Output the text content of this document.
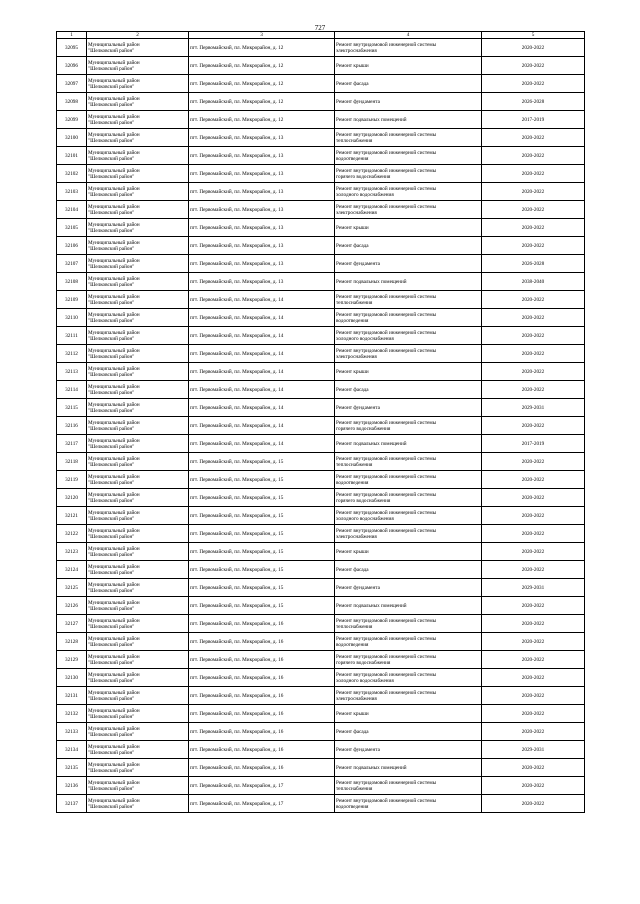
727
1	2	3	4	5

32095	Муниципальный район
"Шелковский район"	пгт. Первомайский, пл. Микрорайон, д. 12	Ремонт внутридомовой инженерной системы
электроснабжения	2020-2022

32096	Муниципальный район
"Шелковский район"	пгт. Первомайский, пл. Микрорайон, д. 12	Ремонт крыши	2020-2022

32097	Муниципальный район
"Шелковский район"	пгт. Первомайский, пл. Микрорайон, д. 12	Ремонт фасада	2020-2022

32098	Муниципальный район
"Шелковский район"	пгт. Первомайский, пл. Микрорайон, д. 12	Ремонт фундамента	2026-2028

32099	Муниципальный район
"Шелковский район"	пгт. Первомайский, пл. Микрорайон, д. 12	Ремонт подвальных помещений	2017-2019

32100	Муниципальный район
"Шелковский район"	пгт. Первомайский, пл. Микрорайон, д. 13	Ремонт внутридомовой инженерной системы
теплоснабжения	2020-2022

32101	Муниципальный район
"Шелковский район"	пгт. Первомайский, пл. Микрорайон, д. 13	Ремонт внутридомовой инженерной системы
водоотведения	2020-2022

32102	Муниципальный район
"Шелковский район"	пгт. Первомайский, пл. Микрорайон, д. 13	Ремонт внутридомовой инженерной системы
горячего водоснабжения	2020-2022

32103	Муниципальный район
"Шелковский район"	пгт. Первомайский, пл. Микрорайон, д. 13	Ремонт внутридомовой инженерной системы
холодного водоснабжения	2020-2022

32104	Муниципальный район
"Шелковский район"	пгт. Первомайский, пл. Микрорайон, д. 13	Ремонт внутридомовой инженерной системы
электроснабжения	2020-2022

32105	Муниципальный район
"Шелковский район"	пгт. Первомайский, пл. Микрорайон, д. 13	Ремонт крыши	2020-2022

32106	Муниципальный район
"Шелковский район"	пгт. Первомайский, пл. Микрорайон, д. 13	Ремонт фасада	2020-2022

32107	Муниципальный район
"Шелковский район"	пгт. Первомайский, пл. Микрорайон, д. 13	Ремонт фундамента	2026-2028

32108	Муниципальный район
"Шелковский район"	пгт. Первомайский, пл. Микрорайон, д. 13	Ремонт подвальных помещений	2038-2040

32109	Муниципальный район
"Шелковский район"	пгт. Первомайский, пл. Микрорайон, д. 14	Ремонт внутридомовой инженерной системы
теплоснабжения	2020-2022

32110	Муниципальный район
"Шелковский район"	пгт. Первомайский, пл. Микрорайон, д. 14	Ремонт внутридомовой инженерной системы
водоотведения	2020-2022

32111	Муниципальный район
"Шелковский район"	пгт. Первомайский, пл. Микрорайон, д. 14	Ремонт внутридомовой инженерной системы
холодного водоснабжения	2020-2022

32112	Муниципальный район
"Шелковский район"	пгт. Первомайский, пл. Микрорайон, д. 14	Ремонт внутридомовой инженерной системы
электроснабжения	2020-2022

32113	Муниципальный район
"Шелковский район"	пгт. Первомайский, пл. Микрорайон, д. 14	Ремонт крыши	2020-2022

32114	Муниципальный район
"Шелковский район"	пгт. Первомайский, пл. Микрорайон, д. 14	Ремонт фасада	2020-2022

32115	Муниципальный район
"Шелковский район"	пгт. Первомайский, пл. Микрорайон, д. 14	Ремонт фундамента	2029-2031

32116	Муниципальный район
"Шелковский район"	пгт. Первомайский, пл. Микрорайон, д. 14	Ремонт внутридомовой инженерной системы
горячего водоснабжения	2020-2022

32117	Муниципальный район
"Шелковский район"	пгт. Первомайский, пл. Микрорайон, д. 14	Ремонт подвальных помещений	2017-2019

32118	Муниципальный район
"Шелковский район"	пгт. Первомайский, пл. Микрорайон, д. 15	Ремонт внутридомовой инженерной системы
теплоснабжения	2020-2022

32119	Муниципальный район
"Шелковский район"	пгт. Первомайский, пл. Микрорайон, д. 15	Ремонт внутридомовой инженерной системы
водоотведения	2020-2022

32120	Муниципальный район
"Шелковский район"	пгт. Первомайский, пл. Микрорайон, д. 15	Ремонт внутридомовой инженерной системы
горячего водоснабжения	2020-2022

32121	Муниципальный район
"Шелковский район"	пгт. Первомайский, пл. Микрорайон, д. 15	Ремонт внутридомовой инженерной системы
холодного водоснабжения	2020-2022

32122	Муниципальный район
"Шелковский район"	пгт. Первомайский, пл. Микрорайон, д. 15	Ремонт внутридомовой инженерной системы
электроснабжения	2020-2022

32123	Муниципальный район
"Шелковский район"	пгт. Первомайский, пл. Микрорайон, д. 15	Ремонт крыши	2020-2022

32124	Муниципальный район
"Шелковский район"	пгт. Первомайский, пл. Микрорайон, д. 15	Ремонт фасада	2020-2022

32125	Муниципальный район
"Шелковский район"	пгт. Первомайский, пл. Микрорайон, д. 15	Ремонт фундамента	2029-2031

32126	Муниципальный район
"Шелковский район"	пгт. Первомайский, пл. Микрорайон, д. 15	Ремонт подвальных помещений	2020-2022

32127	Муниципальный район
"Шелковский район"	пгт. Первомайский, пл. Микрорайон, д. 16	Ремонт внутридомовой инженерной системы
теплоснабжения	2020-2022

32128	Муниципальный район
"Шелковский район"	пгт. Первомайский, пл. Микрорайон, д. 16	Ремонт внутридомовой инженерной системы
водоотведения	2020-2022

32129	Муниципальный район
"Шелковский район"	пгт. Первомайский, пл. Микрорайон, д. 16	Ремонт внутридомовой инженерной системы
горячего водоснабжения	2020-2022

32130	Муниципальный район
"Шелковский район"	пгт. Первомайский, пл. Микрорайон, д. 16	Ремонт внутридомовой инженерной системы
холодного водоснабжения	2020-2022

32131	Муниципальный район
"Шелковский район"	пгт. Первомайский, пл. Микрорайон, д. 16	Ремонт внутридомовой инженерной системы
электроснабжения	2020-2022

32132	Муниципальный район
"Шелковский район"	пгт. Первомайский, пл. Микрорайон, д. 16	Ремонт крыши	2020-2022

32133	Муниципальный район
"Шелковский район"	пгт. Первомайский, пл. Микрорайон, д. 16	Ремонт фасада	2020-2022

32134	Муниципальный район
"Шелковский район"	пгт. Первомайский, пл. Микрорайон, д. 16	Ремонт фундамента	2029-2031

32135	Муниципальный район
"Шелковский район"	пгт. Первомайский, пл. Микрорайон, д. 16	Ремонт подвальных помещений	2020-2022

32136	Муниципальный район
"Шелковский район"	пгт. Первомайский, пл. Микрорайон, д. 17	Ремонт внутридомовой инженерной системы
теплоснабжения	2020-2022

32137	Муниципальный район
"Шелковский район"	пгт. Первомайский, пл. Микрорайон, д. 17	Ремонт внутридомовой инженерной системы
водоотведения	2020-2022
